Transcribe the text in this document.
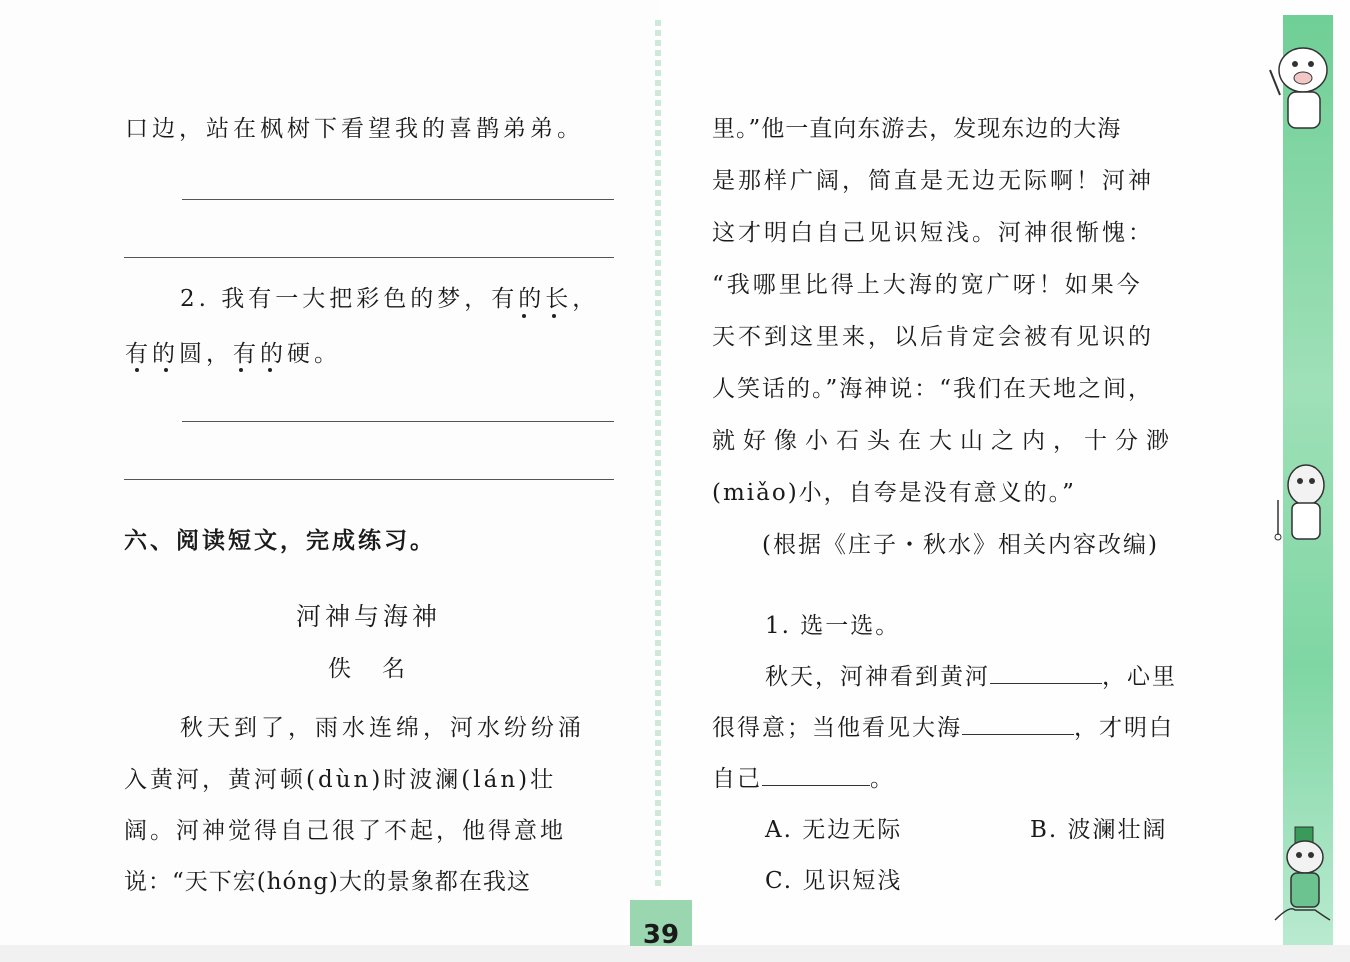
口边，站在枫树下看望我的喜鹊弟弟。
2. 我有一大把彩色的梦，有的长，
有的圆，有的硬。
六、阅读短文，完成练习。
河神与海神
佚　名
秋天到了，雨水连绵，河水纷纷涌
入黄河，黄河顿(dùn)时波澜(lán)壮
阔。河神觉得自己很了不起，他得意地
说：“天下宏(hóng)大的景象都在我这
里。”他一直向东游去，发现东边的大海
是那样广阔，简直是无边无际啊！河神
这才明白自己见识短浅。河神很惭愧：
“我哪里比得上大海的宽广呀！如果今
天不到这里来，以后肯定会被有见识的
人笑话的。”海神说：“我们在天地之间，
就好像小石头在大山之内，十分渺
(miǎo)小，自夸是没有意义的。”
(根据《庄子・秋水》相关内容改编)
1. 选一选。
秋天，河神看到黄河	，心里
很得意；当他看见大海	，才明白
自己	。
A. 无边无际	B. 波澜壮阔
C. 见识短浅
39
